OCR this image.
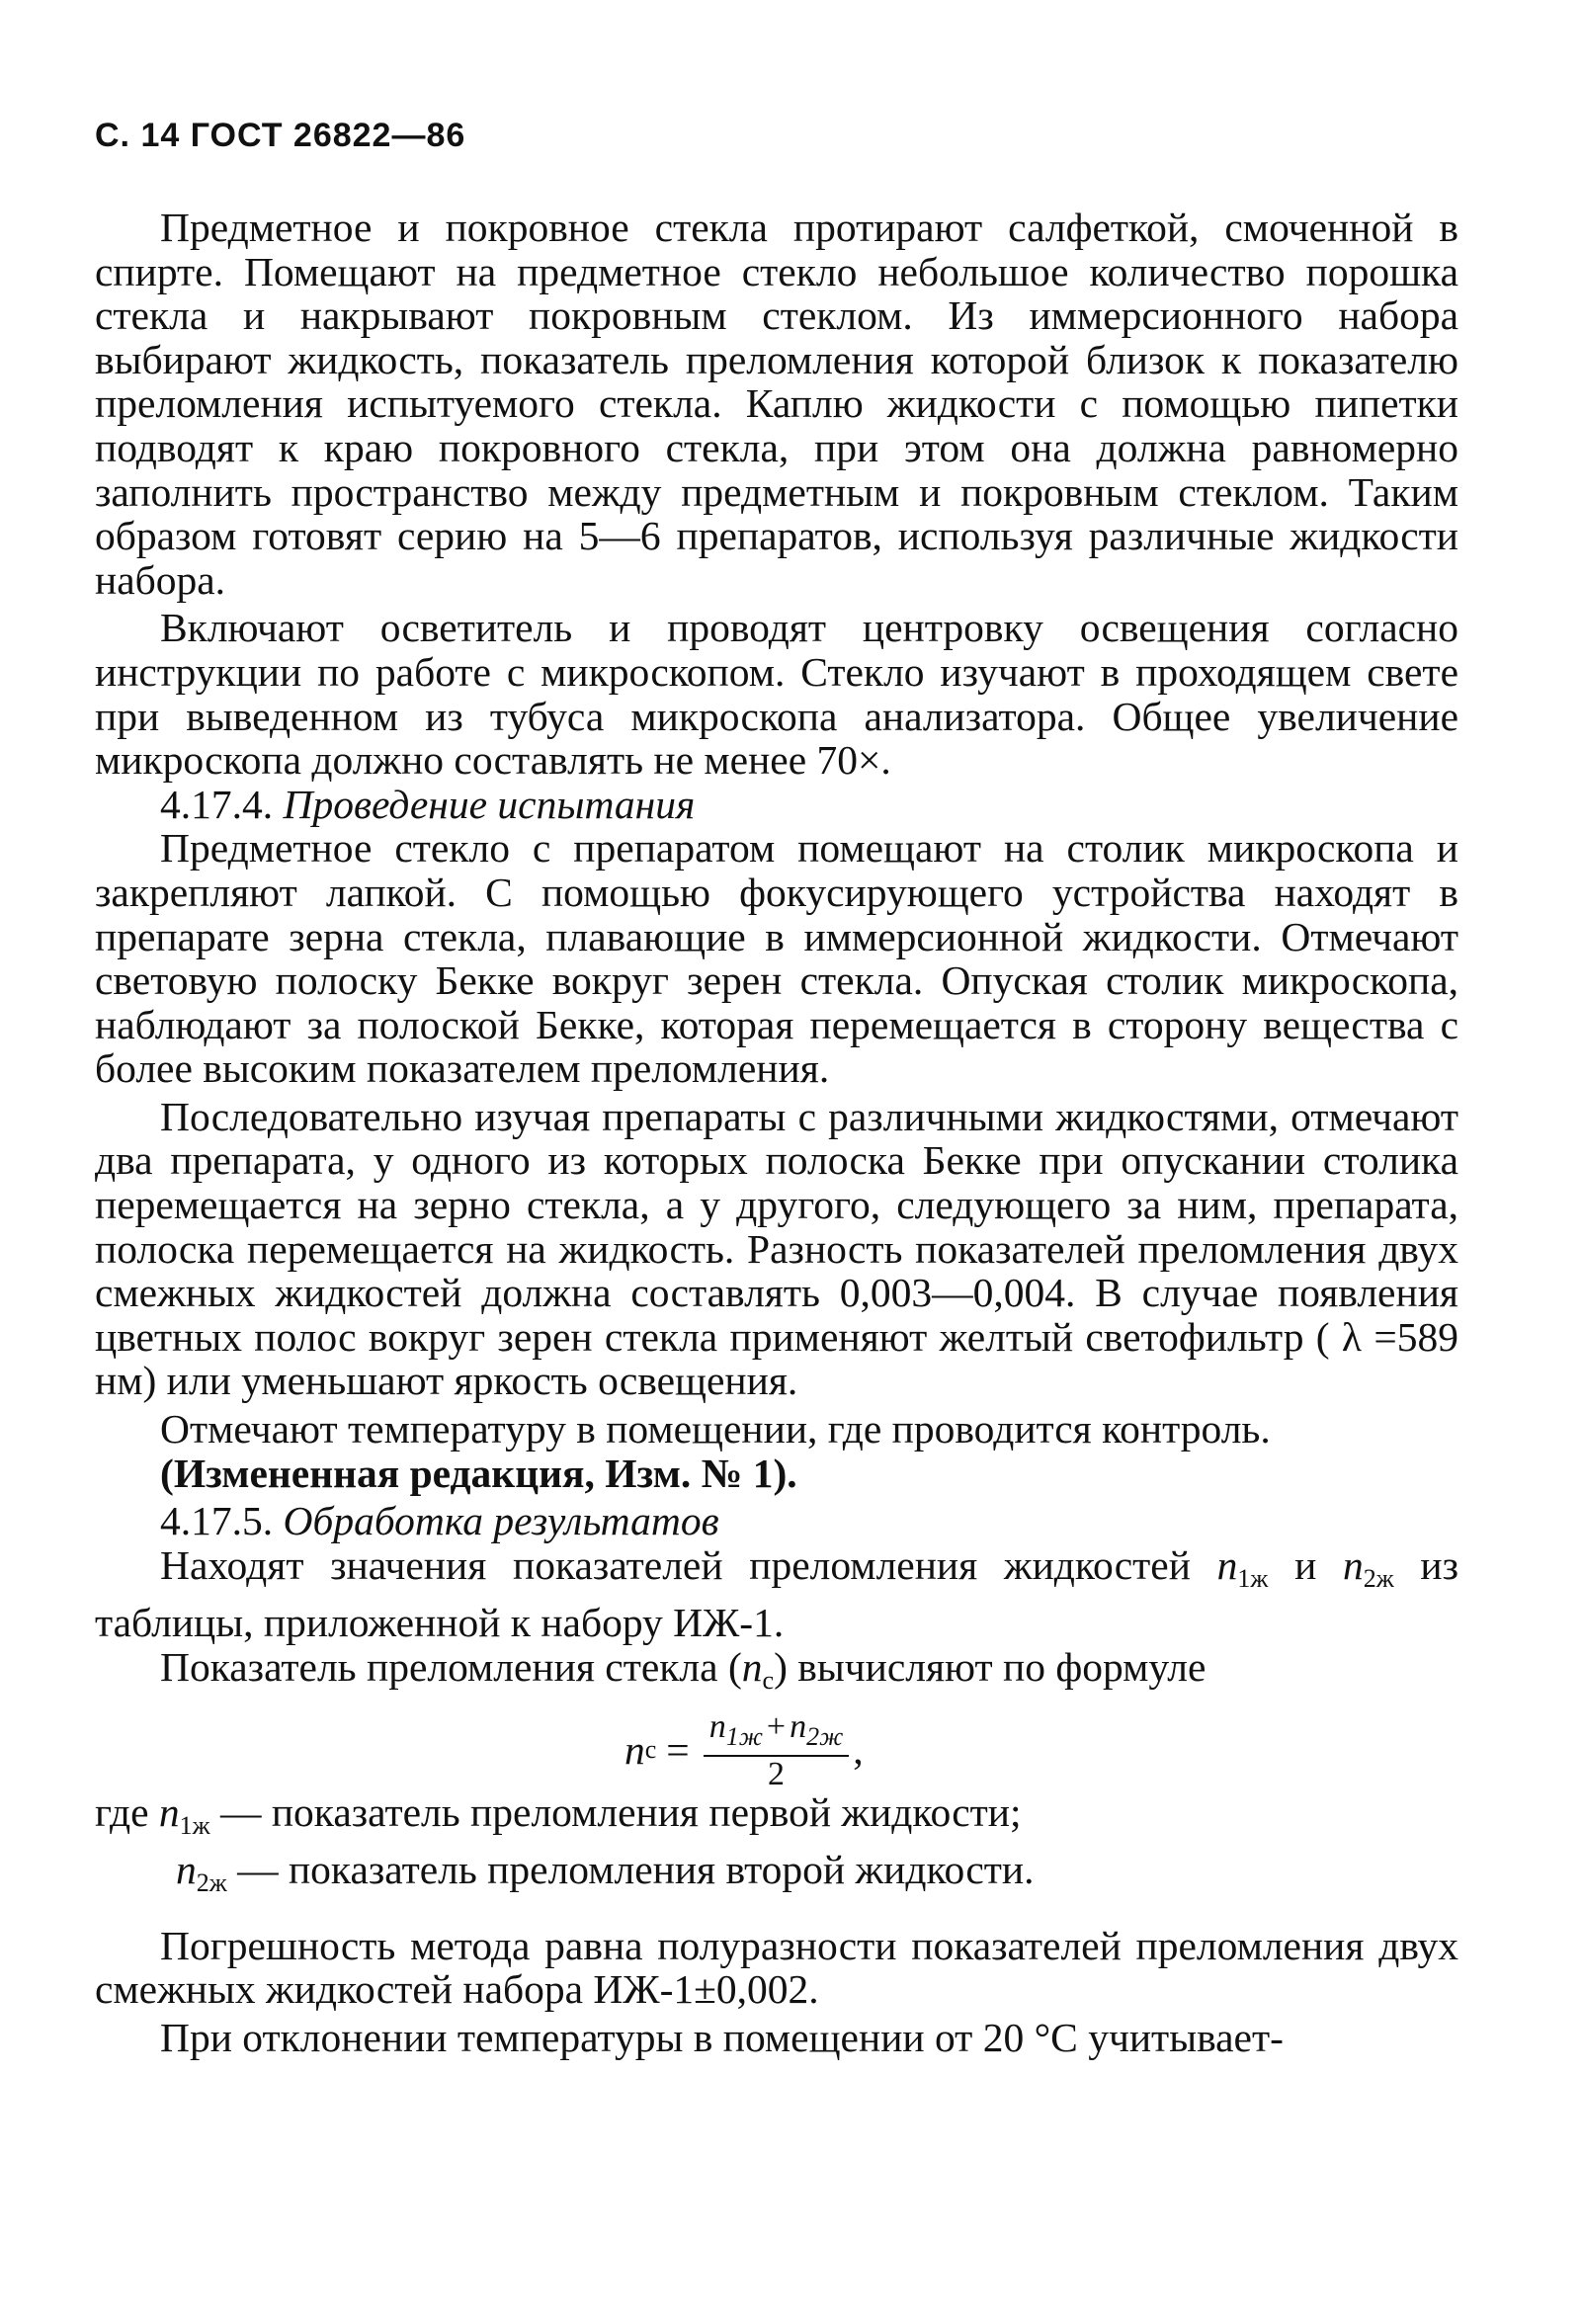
С. 14 ГОСТ 26822—86

Предметное и покровное стекла протирают салфеткой, смоченной в спирте. Помещают на предметное стекло небольшое количество порошка стекла и накрывают покровным стеклом. Из иммерсионного набора выбирают жидкость, показатель преломления которой близок к показателю преломления испытуемого стекла. Каплю жидкости с помощью пипетки подводят к краю покровного стекла, при этом она должна равномерно заполнить пространство между предметным и покровным стеклом. Таким образом готовят серию на 5—6 препаратов, используя различные жидкости набора.

Включают осветитель и проводят центровку освещения согласно инструкции по работе с микроскопом. Стекло изучают в проходящем свете при выведенном из тубуса микроскопа анализатора. Общее увеличение микроскопа должно составлять не менее 70×.

4.17.4. Проведение испытания

Предметное стекло с препаратом помещают на столик микроскопа и закрепляют лапкой. С помощью фокусирующего устройства находят в препарате зерна стекла, плавающие в иммерсионной жидкости. Отмечают световую полоску Бекке вокруг зерен стекла. Опуская столик микроскопа, наблюдают за полоской Бекке, которая перемещается в сторону вещества с более высоким показателем преломления.

Последовательно изучая препараты с различными жидкостями, отмечают два препарата, у одного из которых полоска Бекке при опускании столика перемещается на зерно стекла, а у другого, следующего за ним, препарата, полоска перемещается на жидкость. Разность показателей преломления двух смежных жидкостей должна составлять 0,003—0,004. В случае появления цветных полос вокруг зерен стекла применяют желтый светофильтр ( λ =589 нм) или уменьшают яркость освещения.

Отмечают температуру в помещении, где проводится контроль.

(Измененная редакция, Изм. № 1).

4.17.5. Обработка результатов

Находят значения показателей преломления жидкостей $n_{1ж}$ и $n_{2ж}$ из таблицы, приложенной к набору ИЖ-1.

Показатель преломления стекла $(n_с)$ вычисляют по формуле

n $с = \frac{n_{1ж} + n_{2ж}}{2}$ ,

где $n_{1ж}$ — показатель преломления первой жидкости;

$n_{2ж}$ — показатель преломления второй жидкости.

Погрешность метода равна полуразности показателей преломления двух смежных жидкостей набора ИЖ-1±0,002.

При отклонении температуры в помещении от 20 °С учитывает-
